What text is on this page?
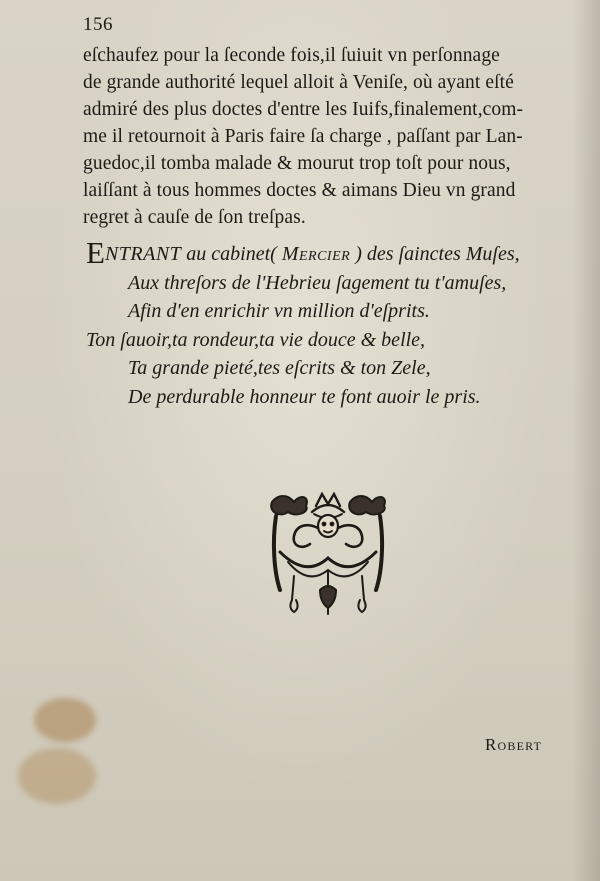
156
eſchaufez pour la ſeconde fois,il ſuiuit vn perſonnage
de grande authorité lequel alloit à Veniſe, où ayant eſté
admiré des plus doctes d'entre les Iuifs,finalement,com-
me il retournoit à Paris faire ſa charge , paſſant par Lan-
guedoc,il tomba malade & mourut trop toſt pour nous,
laiſſant à tous hommes doctes & aimans Dieu vn grand
regret à cauſe de ſon treſpas.
ENTRANT au cabinet( Mercier ) des ſainctes Muſes,
Aux threſors de l'Hebrieu ſagement tu t'amuſes,
Afin d'en enrichir vn million d'eſprits.
Ton ſauoir,ta rondeur,ta vie douce & belle,
Ta grande pieté,tes eſcrits & ton Zele,
De perdurable honneur te font auoir le pris.
Robert
